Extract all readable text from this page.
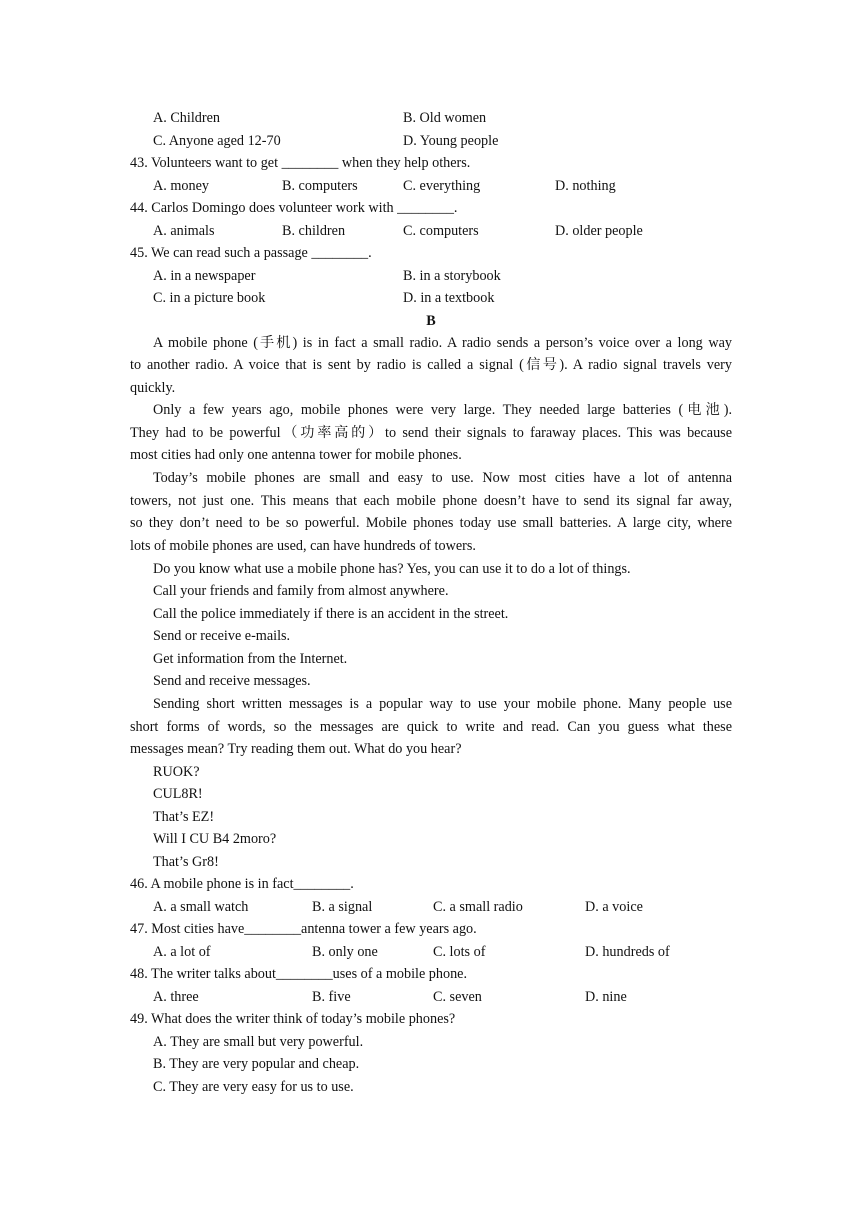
A. Children	B. Old women
C. Anyone aged 12-70	D. Young people
43. Volunteers want to get ________ when they help others.
A. money	B. computers	C. everything	D. nothing
44. Carlos Domingo does volunteer work with ________.
A. animals	B. children	C. computers	D. older people
45. We can read such a passage ________.
A. in a newspaper	B. in a storybook
C. in a picture book	D. in a textbook
B
A mobile phone (手机) is in fact a small radio. A radio sends a person’s voice over a long way
to another radio. A voice that is sent by radio is called a signal (信号). A radio signal travels very
quickly.
Only a few years ago, mobile phones were very large. They needed large batteries (电池).
They had to be powerful（功率高的）to send their signals to faraway places. This was because
most cities had only one antenna tower for mobile phones.
Today’s mobile phones are small and easy to use. Now most cities have a lot of antenna
towers, not just one. This means that each mobile phone doesn’t have to send its signal far away,
so they don’t need to be so powerful. Mobile phones today use small batteries. A large city, where
lots of mobile phones are used, can have hundreds of towers.
Do you know what use a mobile phone has? Yes, you can use it to do a lot of things.
Call your friends and family from almost anywhere.
Call the police immediately if there is an accident in the street.
Send or receive e-mails.
Get information from the Internet.
Send and receive messages.
Sending short written messages is a popular way to use your mobile phone. Many people use
short forms of words, so the messages are quick to write and read. Can you guess what these
messages mean? Try reading them out. What do you hear?
RUOK?
CUL8R!
That’s EZ!
Will I CU B4 2moro?
That’s Gr8!
46. A mobile phone is in fact________.
A. a small watch	B. a signal	C. a small radio	D. a voice
47. Most cities have________antenna tower a few years ago.
A. a lot of	B. only one	C. lots of	D. hundreds of
48. The writer talks about________uses of a mobile phone.
A. three	B. five	C. seven	D. nine
49. What does the writer think of today’s mobile phones?
A. They are small but very powerful.
B. They are very popular and cheap.
C. They are very easy for us to use.
